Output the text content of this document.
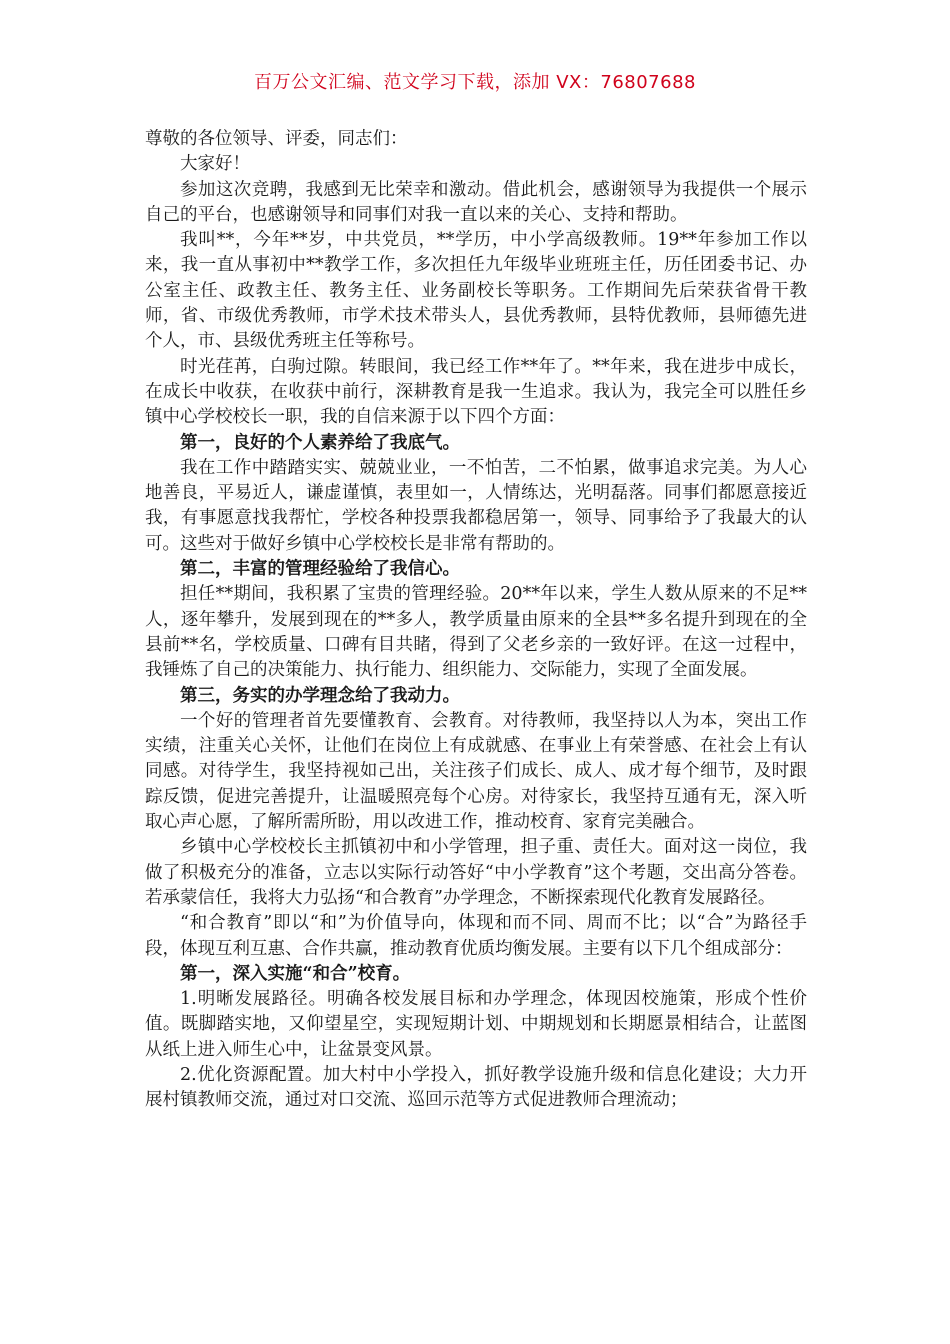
百万公文汇编、范文学习下载，添加 VX：76807688

尊敬的各位领导、评委，同志们：

大家好！

参加这次竞聘，我感到无比荣幸和激动。借此机会，感谢领导为我提供一个展示自己的平台，也感谢领导和同事们对我一直以来的关心、支持和帮助。

我叫**，今年**岁，中共党员，**学历，中小学高级教师。19**年参加工作以来，我一直从事初中**教学工作，多次担任九年级毕业班班主任，历任团委书记、办公室主任、政教主任、教务主任、业务副校长等职务。工作期间先后荣获省骨干教师，省、市级优秀教师，市学术技术带头人，县优秀教师，县特优教师，县师德先进个人，市、县级优秀班主任等称号。

时光荏苒，白驹过隙。转眼间，我已经工作**年了。**年来，我在进步中成长，在成长中收获，在收获中前行，深耕教育是我一生追求。我认为，我完全可以胜任乡镇中心学校校长一职，我的自信来源于以下四个方面：

第一，良好的个人素养给了我底气。

我在工作中踏踏实实、兢兢业业，一不怕苦，二不怕累，做事追求完美。为人心地善良，平易近人，谦虚谨慎，表里如一，人情练达，光明磊落。同事们都愿意接近我，有事愿意找我帮忙，学校各种投票我都稳居第一，领导、同事给予了我最大的认可。这些对于做好乡镇中心学校校长是非常有帮助的。

第二，丰富的管理经验给了我信心。

担任**期间，我积累了宝贵的管理经验。20**年以来，学生人数从原来的不足**人，逐年攀升，发展到现在的**多人，教学质量由原来的全县**多名提升到现在的全县前**名，学校质量、口碑有目共睹，得到了父老乡亲的一致好评。在这一过程中，我锤炼了自己的决策能力、执行能力、组织能力、交际能力，实现了全面发展。

第三，务实的办学理念给了我动力。

一个好的管理者首先要懂教育、会教育。对待教师，我坚持以人为本，突出工作实绩，注重关心关怀，让他们在岗位上有成就感、在事业上有荣誉感、在社会上有认同感。对待学生，我坚持视如己出，关注孩子们成长、成人、成才每个细节，及时跟踪反馈，促进完善提升，让温暖照亮每个心房。对待家长，我坚持互通有无，深入听取心声心愿，了解所需所盼，用以改进工作，推动校育、家育完美融合。

乡镇中心学校校长主抓镇初中和小学管理，担子重、责任大。面对这一岗位，我做了积极充分的准备，立志以实际行动答好“中小学教育”这个考题，交出高分答卷。若承蒙信任，我将大力弘扬“和合教育”办学理念，不断探索现代化教育发展路径。

“和合教育”即以“和”为价值导向，体现和而不同、周而不比；以“合”为路径手段，体现互利互惠、合作共赢，推动教育优质均衡发展。主要有以下几个组成部分：

第一，深入实施“和合”校育。

1.明晰发展路径。明确各校发展目标和办学理念，体现因校施策，形成个性价值。既脚踏实地，又仰望星空，实现短期计划、中期规划和长期愿景相结合，让蓝图从纸上进入师生心中，让盆景变风景。

2.优化资源配置。加大村中小学投入，抓好教学设施升级和信息化建设；大力开展村镇教师交流，通过对口交流、巡回示范等方式促进教师合理流动；
